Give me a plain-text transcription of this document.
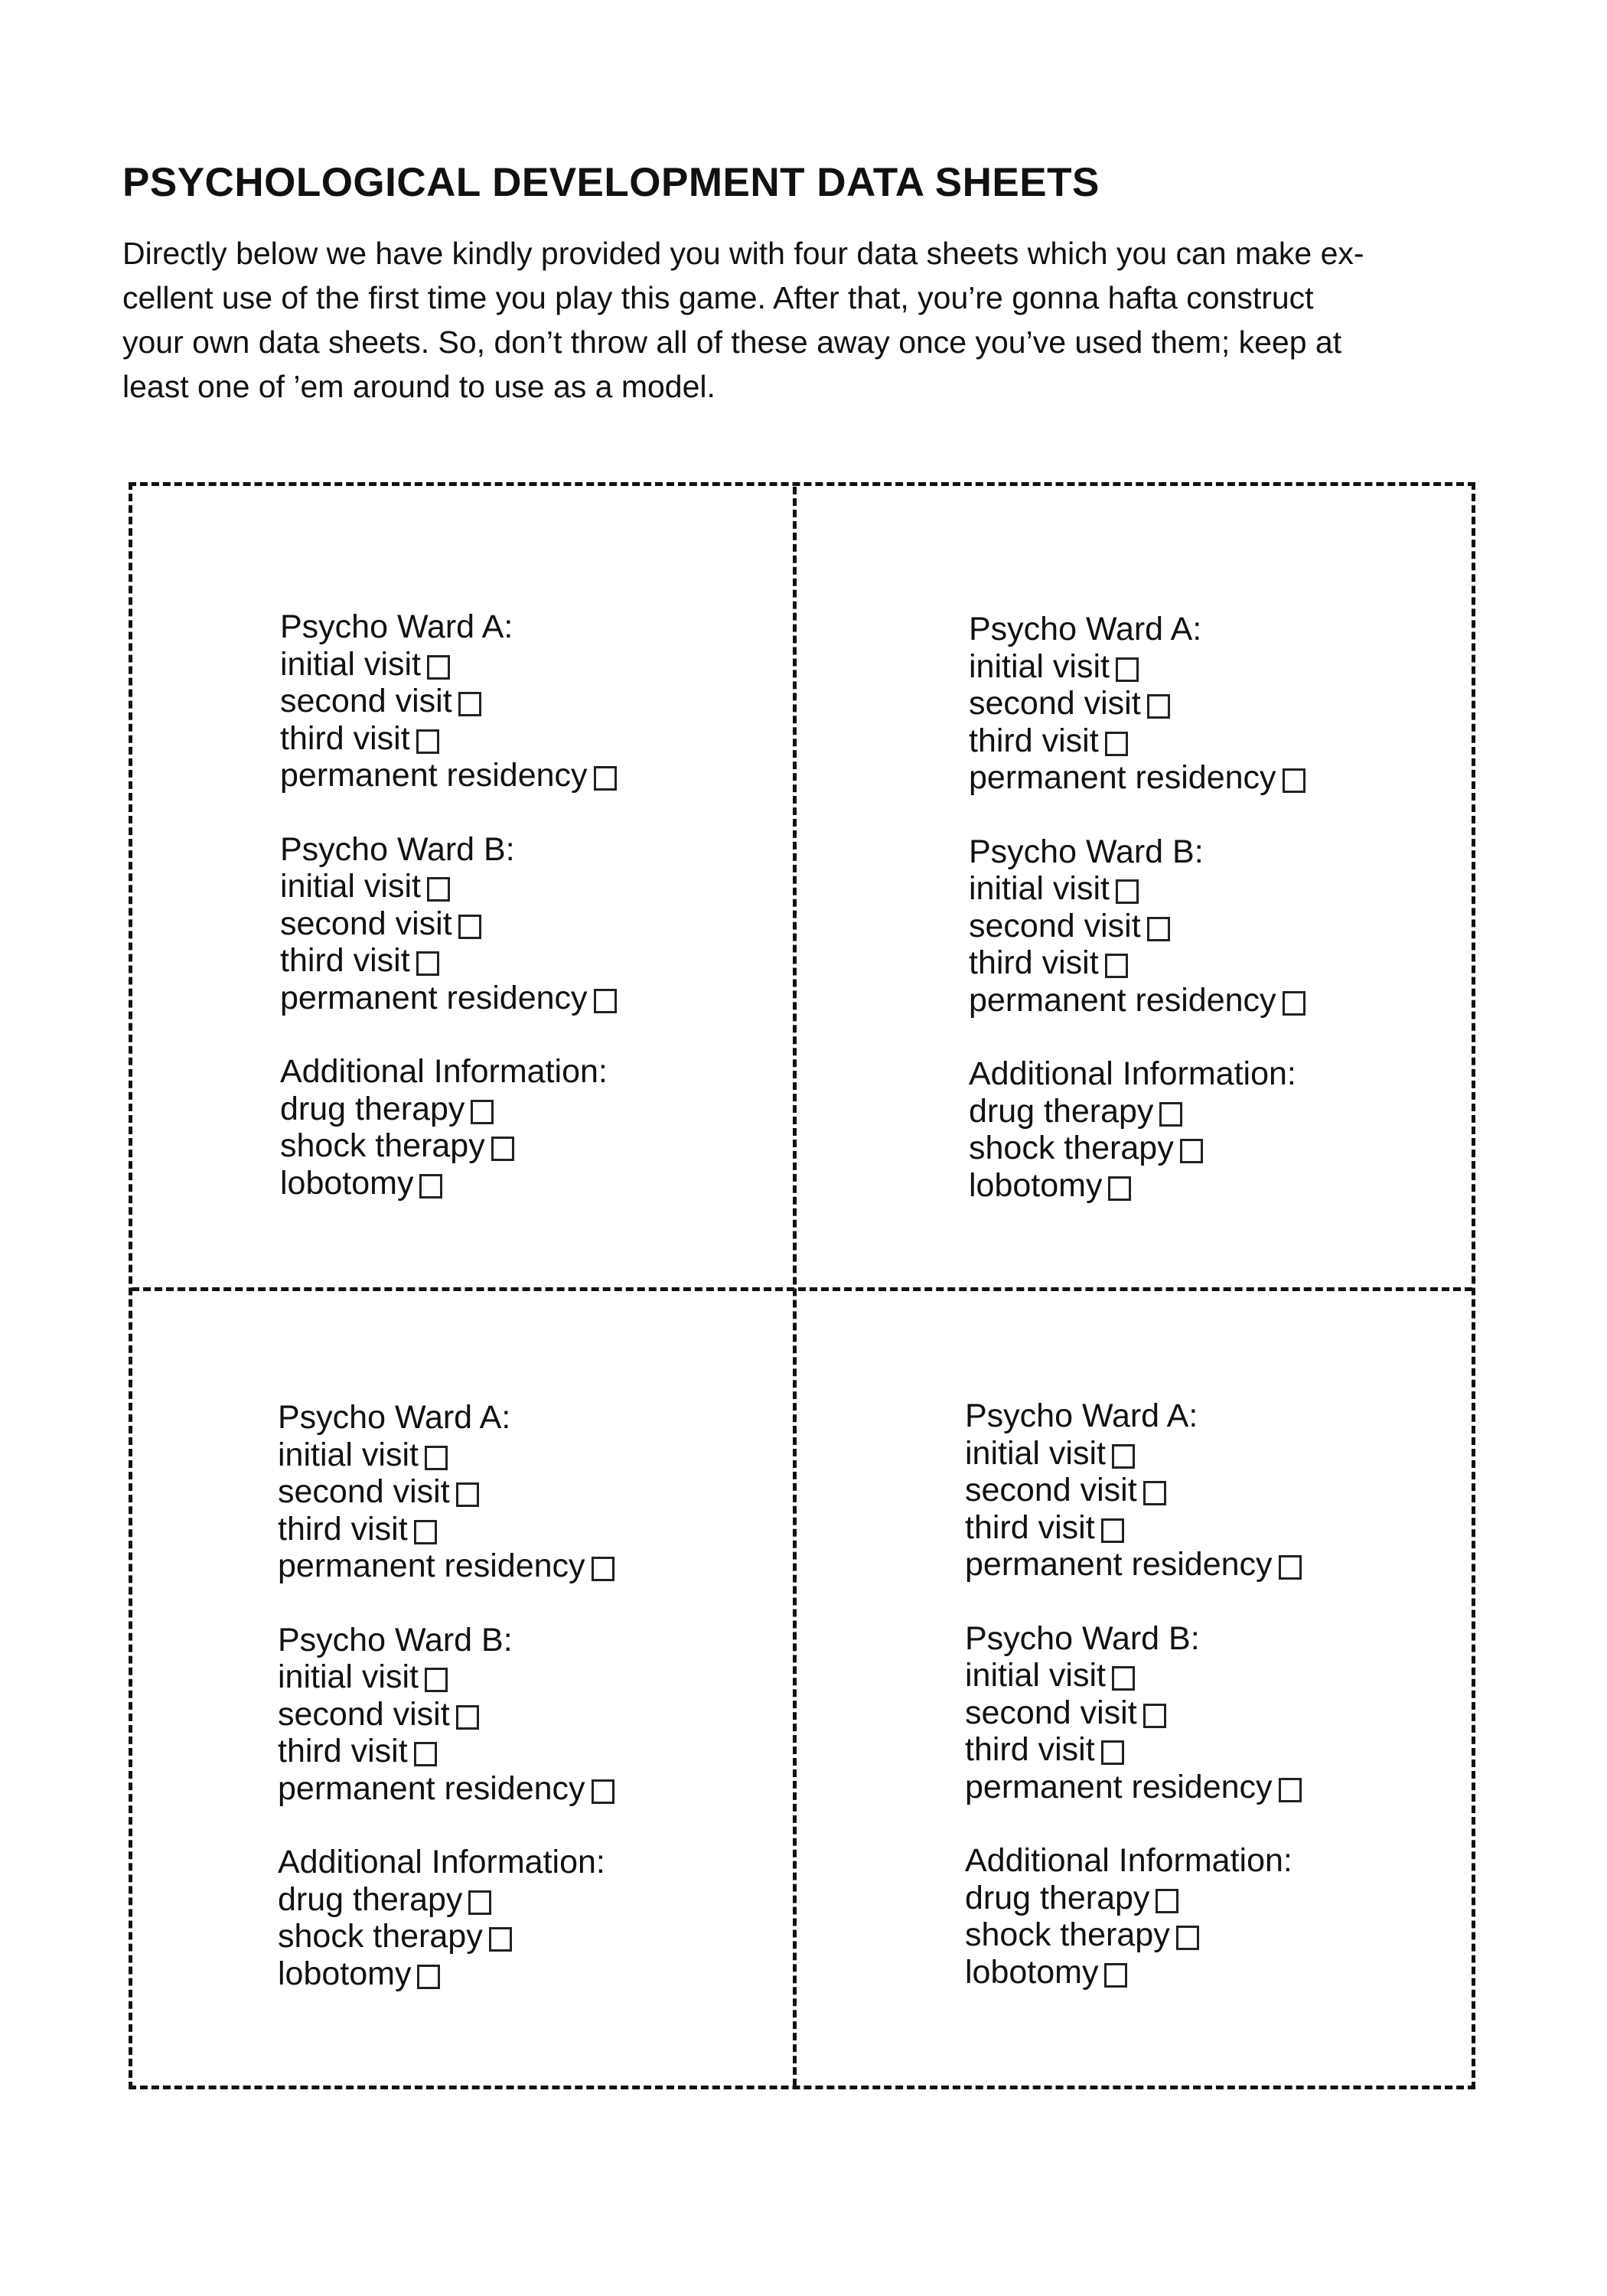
PSYCHOLOGICAL DEVELOPMENT DATA SHEETS
Directly below we have kindly provided you with four data sheets which you can make ex-
cellent use of the first time you play this game. After that, you’re gonna hafta construct
your own data sheets. So, don’t throw all of these away once you’ve used them; keep at
least one of ’em around to use as a model.
Psycho Ward A:
initial visit
second visit
third visit
permanent residency
Psycho Ward B:
initial visit
second visit
third visit
permanent residency
Additional Information:
drug therapy
shock therapy
lobotomy
Psycho Ward A:
initial visit
second visit
third visit
permanent residency
Psycho Ward B:
initial visit
second visit
third visit
permanent residency
Additional Information:
drug therapy
shock therapy
lobotomy
Psycho Ward A:
initial visit
second visit
third visit
permanent residency
Psycho Ward B:
initial visit
second visit
third visit
permanent residency
Additional Information:
drug therapy
shock therapy
lobotomy
Psycho Ward A:
initial visit
second visit
third visit
permanent residency
Psycho Ward B:
initial visit
second visit
third visit
permanent residency
Additional Information:
drug therapy
shock therapy
lobotomy
